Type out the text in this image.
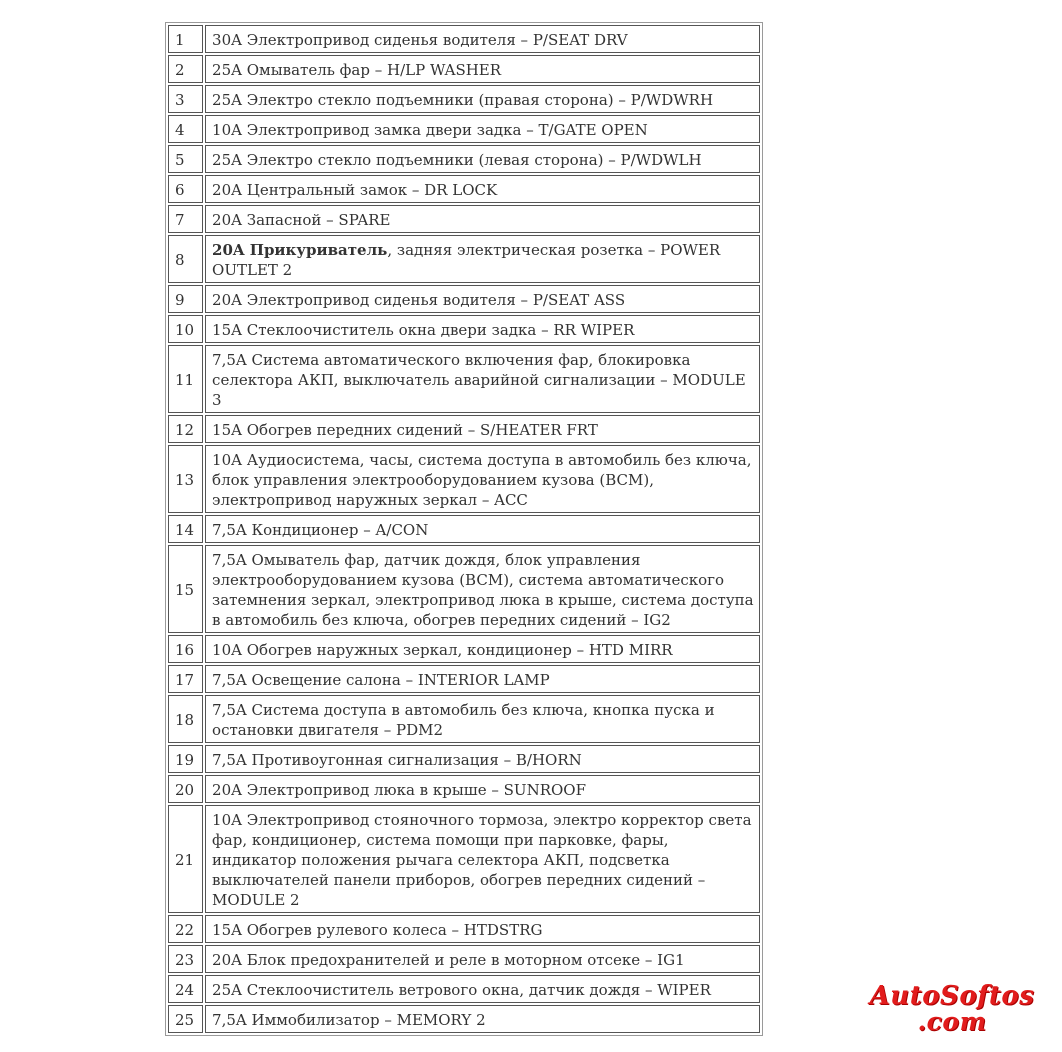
1	30A Электропривод сиденья водителя – P/SEAT DRV
2	25A Омыватель фар – H/LP WASHER
3	25A Электро стекло подъемники (правая сторона) – P/WDWRH
4	10A Электропривод замка двери задка – T/GATE OPEN
5	25A Электро стекло подъемники (левая сторона) – P/WDWLH
6	20A Центральный замок – DR LOCK
7	20A Запасной – SPARE
8	20A Прикуриватель, задняя электрическая розетка – POWER OUTLET 2
9	20A Электропривод сиденья водителя – P/SEAT ASS
10	15A Стеклоочиститель окна двери задка – RR WIPER
11	7,5A Система автоматического включения фар, блокировка селектора АКП, выключатель аварийной сигнализации – MODULE 3
12	15A Обогрев передних сидений – S/HEATER FRT
13	10A Аудиосистема, часы, система доступа в автомобиль без ключа, блок управления электрооборудованием кузова (BCM), электропривод наружных зеркал – ACC
14	7,5A Кондиционер – A/CON
15	7,5A Омыватель фар, датчик дождя, блок управления электрооборудованием кузова (BCM), система автоматического затемнения зеркал, электропривод люка в крыше, система доступа в автомобиль без ключа, обогрев передних сидений – IG2
16	10A Обогрев наружных зеркал, кондиционер – HTD MIRR
17	7,5A Освещение салона – INTERIOR LAMP
18	7,5A Система доступа в автомобиль без ключа, кнопка пуска и остановки двигателя – PDM2
19	7,5A Противоугонная сигнализация – B/HORN
20	20A Электропривод люка в крыше – SUNROOF
21	10A Электропривод стояночного тормоза, электро корректор света фар, кондиционер, система помощи при парковке, фары, индикатор положения рычага селектора АКП, подсветка выключателей панели приборов, обогрев передних сидений – MODULE 2
22	15A Обогрев рулевого колеса – HTDSTRG
23	20A Блок предохранителей и реле в моторном отсеке – IG1
24	25A Стеклоочиститель ветрового окна, датчик дождя – WIPER
25	7,5A Иммобилизатор – MEMORY 2
AutoSoftos
.com
